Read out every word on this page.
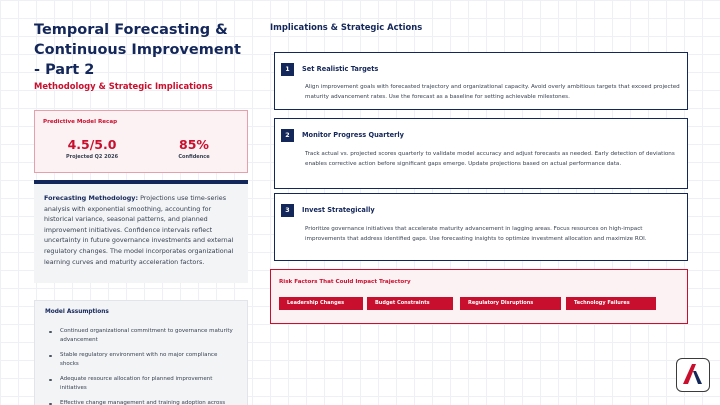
Temporal Forecasting & Continuous Improvement - Part 2
Methodology & Strategic Implications
Predictive Model Recap
4.5/5.0
Projected Q2 2026
85%
Confidence
Forecasting Methodology: Projections use time-series analysis with exponential smoothing, accounting for historical variance, seasonal patterns, and planned improvement initiatives. Confidence intervals reflect uncertainty in future governance investments and external regulatory changes. The model incorporates organizational learning curves and maturity acceleration factors.
Model Assumptions
Continued organizational commitment to governance maturity advancement
Stable regulatory environment with no major compliance shocks
Adequate resource allocation for planned improvement initiatives
Effective change management and training adoption across
Implications & Strategic Actions
1	Set Realistic Targets
Align improvement goals with forecasted trajectory and organizational capacity. Avoid overly ambitious targets that exceed projected maturity advancement rates. Use the forecast as a baseline for setting achievable milestones.
2	Monitor Progress Quarterly
Track actual vs. projected scores quarterly to validate model accuracy and adjust forecasts as needed. Early detection of deviations enables corrective action before significant gaps emerge. Update projections based on actual performance data.
3	Invest Strategically
Prioritize governance initiatives that accelerate maturity advancement in lagging areas. Focus resources on high-impact improvements that address identified gaps. Use forecasting insights to optimize investment allocation and maximize ROI.
Risk Factors That Could Impact Trajectory
Leadership Changes	Budget Constraints	Regulatory Disruptions	Technology Failures
